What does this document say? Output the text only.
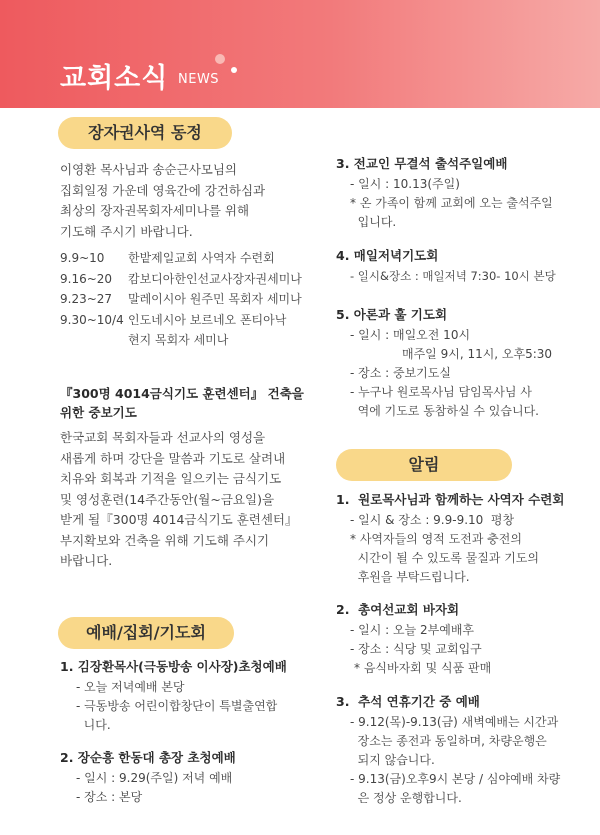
교회소식 NEWS
장자권사역 동정
이영환 목사님과 송순근사모님의
집회일정 가운데 영육간에 강건하심과
최상의 장자권목회자세미나를 위해
기도해 주시기 바랍니다.
9.9~10	한밭제일교회 사역자 수련회
9.16~20	캄보디아한인선교사장자권세미나
9.23~27	말레이시아 원주민 목회자 세미나
9.30~10/4 인도네시아 보르네오 폰티아낙
현지 목회자 세미나
『300명 4014금식기도 훈련센터』 건축을
위한 중보기도
한국교회 목회자들과 선교사의 영성을
새롭게 하며 강단을 말씀과 기도로 살려내
치유와 회복과 기적을 일으키는 금식기도
및 영성훈련(14주간동안(월~금요일)을
받게 될『300명 4014금식기도 훈련센터』
부지확보와 건축을 위해 기도해 주시기
바랍니다.
예배/집회/기도회
1. 김장환목사(극동방송 이사장)초청예배
- 오늘 저녁예배 본당
- 극동방송 어린이합창단이 특별출연합
니다.
2. 장순흥 한동대 총장 초청예배
- 일시 : 9.29(주일) 저녁 예배
- 장소 : 본당
3. 전교인 무결석 출석주일예배
- 일시 : 10.13(주일)
* 온 가족이 함께 교회에 오는 출석주일
입니다.
4. 매일저녁기도회
- 일시&장소 : 매일저녁 7:30- 10시 본당
5. 아론과 훌 기도회
- 일시 : 매일오전 10시
매주일 9시, 11시, 오후5:30
- 장소 : 중보기도실
- 누구나 원로목사님 담임목사님 사
역에 기도로 동참하실 수 있습니다.
알림
1.  원로목사님과 함께하는 사역자 수련회
- 일시 & 장소 : 9.9-9.10  평창
* 사역자들의 영적 도전과 충전의
시간이 될 수 있도록 물질과 기도의
후원을 부탁드립니다.
2.  총여선교회 바자회
- 일시 : 오늘 2부예배후
- 장소 : 식당 및 교회입구
* 음식바자회 및 식품 판매
3.  추석 연휴기간 중 예배
- 9.12(목)-9.13(금) 새벽예배는 시간과
장소는 종전과 동일하며, 차량운행은
되지 않습니다.
- 9.13(금)오후9시 본당 / 심야예배 차량
은 정상 운행합니다.
